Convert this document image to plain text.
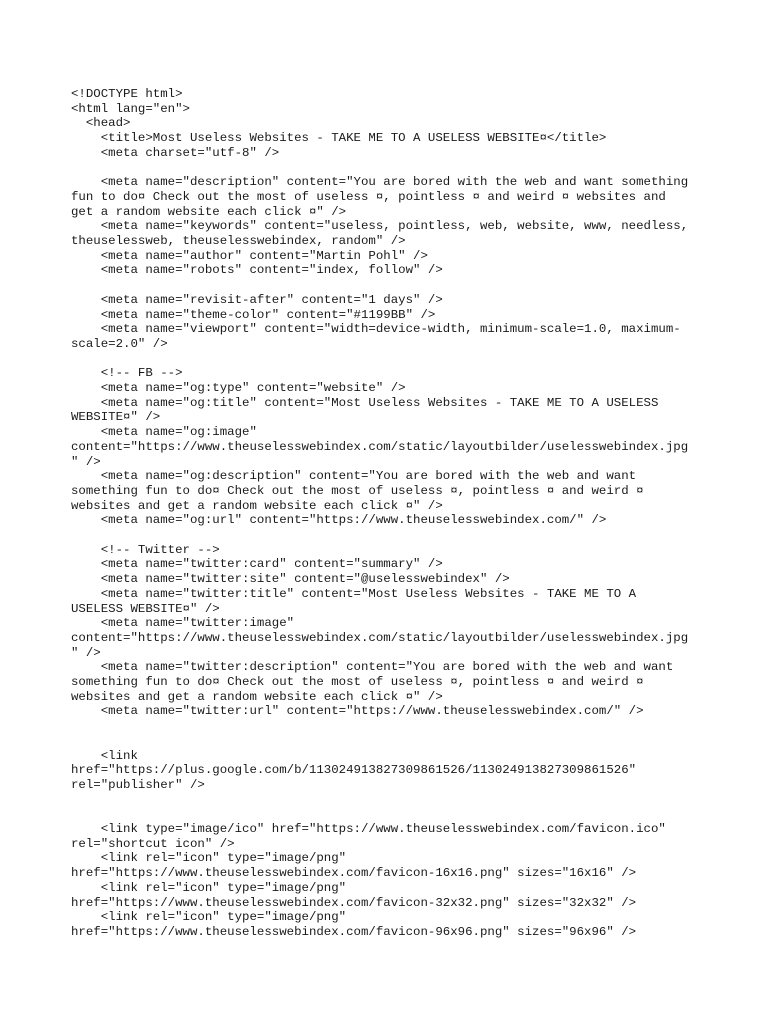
<!DOCTYPE html>
<html lang="en">
<head>
<title>Most Useless Websites - TAKE ME TO A USELESS WEBSITE¤</title>
<meta charset="utf-8" />
<meta name="description" content="You are bored with the web and want something
fun to do¤ Check out the most of useless ¤, pointless ¤ and weird ¤ websites and
get a random website each click ¤" />
<meta name="keywords" content="useless, pointless, web, website, www, needless,
theuselessweb, theuselesswebindex, random" />
<meta name="author" content="Martin Pohl" />
<meta name="robots" content="index, follow" />
<meta name="revisit-after" content="1 days" />
<meta name="theme-color" content="#1199BB" />
<meta name="viewport" content="width=device-width, minimum-scale=1.0, maximum-
scale=2.0" />
<!-- FB -->
<meta name="og:type" content="website" />
<meta name="og:title" content="Most Useless Websites - TAKE ME TO A USELESS
WEBSITE¤" />
<meta name="og:image"
content="https://www.theuselesswebindex.com/static/layoutbilder/uselesswebindex.jpg
" />
<meta name="og:description" content="You are bored with the web and want
something fun to do¤ Check out the most of useless ¤, pointless ¤ and weird ¤
websites and get a random website each click ¤" />
<meta name="og:url" content="https://www.theuselesswebindex.com/" />
<!-- Twitter -->
<meta name="twitter:card" content="summary" />
<meta name="twitter:site" content="@uselesswebindex" />
<meta name="twitter:title" content="Most Useless Websites - TAKE ME TO A
USELESS WEBSITE¤" />
<meta name="twitter:image"
content="https://www.theuselesswebindex.com/static/layoutbilder/uselesswebindex.jpg
" />
<meta name="twitter:description" content="You are bored with the web and want
something fun to do¤ Check out the most of useless ¤, pointless ¤ and weird ¤
websites and get a random website each click ¤" />
<meta name="twitter:url" content="https://www.theuselesswebindex.com/" />
<link
href="https://plus.google.com/b/113024913827309861526/113024913827309861526"
rel="publisher" />
<link type="image/ico" href="https://www.theuselesswebindex.com/favicon.ico"
rel="shortcut icon" />
<link rel="icon" type="image/png"
href="https://www.theuselesswebindex.com/favicon-16x16.png" sizes="16x16" />
<link rel="icon" type="image/png"
href="https://www.theuselesswebindex.com/favicon-32x32.png" sizes="32x32" />
<link rel="icon" type="image/png"
href="https://www.theuselesswebindex.com/favicon-96x96.png" sizes="96x96" />
